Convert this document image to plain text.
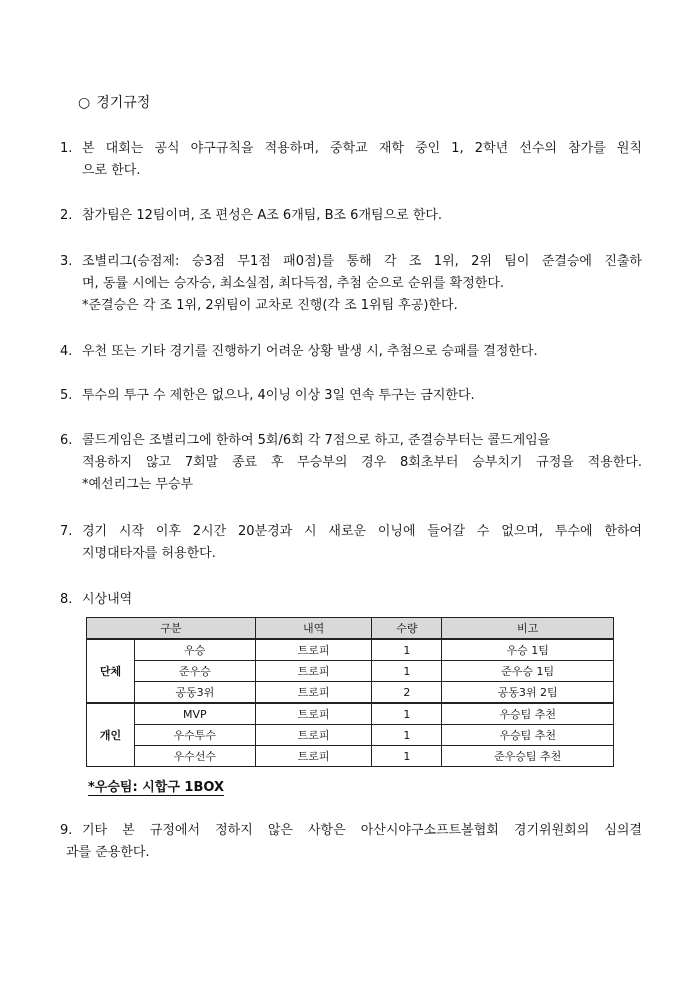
○ 경기규정
1. 본 대회는 공식 야구규칙을 적용하며, 중학교 재학 중인 1, 2학년 선수의 참가를 원칙
으로 한다.
2. 참가팀은 12팀이며, 조 편성은 A조 6개팀, B조 6개팀으로 한다.
3. 조별리그(승점제: 승3점 무1점 패0점)를 통해 각 조 1위, 2위 팀이 준결승에 진출하
며, 동률 시에는 승자승, 최소실점, 최다득점, 추첨 순으로 순위를 확정한다.
*준결승은 각 조 1위, 2위팀이 교차로 진행(각 조 1위팀 후공)한다.
4. 우천 또는 기타 경기를 진행하기 어려운 상황 발생 시, 추첨으로 승패를 결정한다.
5. 투수의 투구 수 제한은 없으나, 4이닝 이상 3일 연속 투구는 금지한다.
6. 콜드게임은 조별리그에 한하여 5회/6회 각 7점으로 하고, 준결승부터는 콜드게임을
적용하지 않고 7회말 종료 후 무승부의 경우 8회초부터 승부치기 규정을 적용한다.
*예선리그는 무승부
7. 경기 시작 이후 2시간 20분경과 시 새로운 이닝에 들어갈 수 없으며, 투수에 한하여
지명대타자를 허용한다.
8. 시상내역
구분		내역	수량	비고
단체	우승	트로피	1	우승 1팀
	준우승	트로피	1	준우승 1팀
	공동3위	트로피	2	공동3위 2팀
개인	MVP	트로피	1	우승팀 추천
	우수투수	트로피	1	우승팀 추천
	우수선수	트로피	1	준우승팀 추천
*우승팀: 시합구 1BOX
9. 기타 본 규정에서 정하지 않은 사항은 아산시야구소프트볼협회 경기위원회의 심의결
과를 준용한다.
